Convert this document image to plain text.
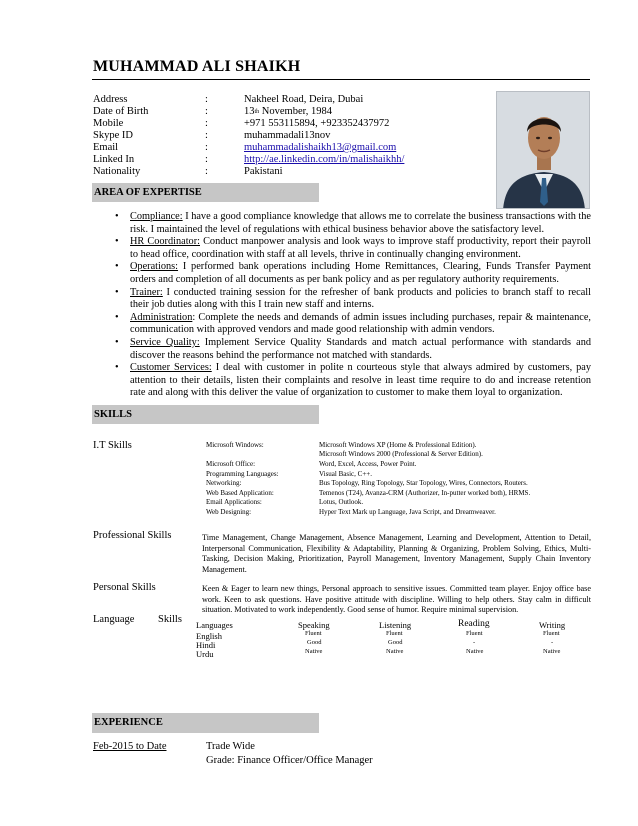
MUHAMMAD ALI SHAIKH
Address	:	Nakheel Road, Deira, Dubai
Date of Birth	:	13th November, 1984
Mobile	:	+971 553115894, +923352437972
Skype ID	:	muhammadali13nov
Email	:	muhammadalishaikh13@gmail.com
Linked In	:	http://ae.linkedin.com/in/malishaikhh/
Nationality	:	Pakistani
AREA OF EXPERTISE
• Compliance: I have a good compliance knowledge that allows me to correlate the business transactions with the risk. I maintained the level of regulations with ethical business behavior above the satisfactory level.
• HR Coordinator: Conduct manpower analysis and look ways to improve staff productivity, report their payroll to head office, coordination with staff at all levels, thrive in continually changing environment.
• Operations: I performed bank operations including Home Remittances, Clearing, Funds Transfer Payment orders and completion of all documents as per bank policy and as per regulatory authority requirements.
• Trainer: I conducted training session for the refresher of bank products and policies to branch staff to recall their job duties along with this I train new staff and interns.
• Administration: Complete the needs and demands of admin issues including purchases, repair & maintenance, communication with approved vendors and made good relationship with admin vendors.
• Service Quality: Implement Service Quality Standards and match actual performance with standards and discover the reasons behind the performance not matched with standards.
• Customer Services: I deal with customer in polite n courteous style that always admired by customers, pay attention to their details, listen their complaints and resolve in least time require to do and increase retention rate and along with this deliver the value of organization to customer to make them loyal to organization.
SKILLS
I.T Skills	Microsoft Windows:	Microsoft Windows XP (Home & Professional Edition).
Microsoft Windows 2000 (Professional & Server Edition).
Microsoft Office:	Word, Excel, Access, Power Point.
Programming Languages:	Visual Basic, C++.
Networking:	Bus Topology, Ring Topology, Star Topology, Wires, Connectors, Routers.
Web Based Application:	Temenos (T24), Avanza-CRM (Authorizer, In-putter worked both), HRMS.
Email Applications:	Lotus, Outlook.
Web Designing:	Hyper Text Mark up Language, Java Script, and Dreamweaver.
Professional Skills	Time Management, Change Management, Absence Management, Learning and Development, Attention to Detail, Interpersonal Communication, Flexibility & Adaptability, Planning & Organizing, Problem Solving, Ethics, Multi-Tasking, Decision Making, Prioritization, Payroll Management, Inventory Management, Supply Chain Inventory Management.
Personal Skills	Keen & Eager to learn new things, Personal approach to sensitive issues. Committed team player. Enjoy office base work. Keen to ask questions. Have positive attitude with discipline. Willing to help others. Stay calm in difficult situation. Motivated to work independently. Good sense of humor. Require minimal supervision.
Language Skills Languages	Speaking	Listening	Reading	Writing
English	Fluent	Fluent	Fluent	Fluent
Hindi	Good	Good	-	-
Urdu	Native	Native	Native	Native
EXPERIENCE
Feb-2015 to Date	Trade Wide
Grade: Finance Officer/Office Manager
